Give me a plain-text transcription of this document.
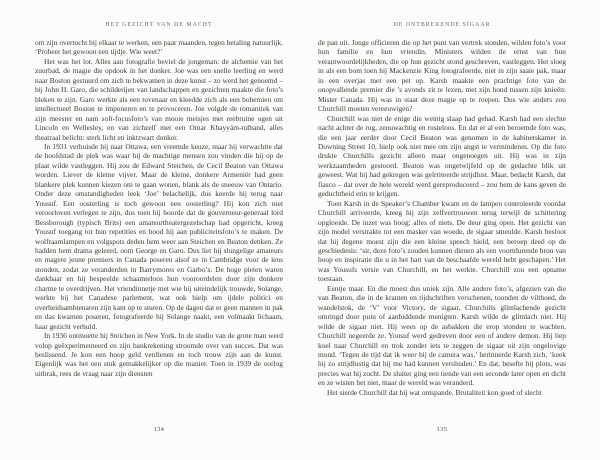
HET GEZICHT VAN DE MACHT

om zijn overtocht bij elkaar te werken, een paar maanden, tegen betaling natuurlijk. ‘Probeer het gewoon een tijdje. Wie weet?’

Het was het lot. Alles aan fotografie beviel de jongeman: de alchemie van het zuurbad, de magie die opdook in het donker. Joe was een snelle leerling en werd naar Boston gestuurd om zich te bekwamen in deze kunst – zo werd het genoemd – bij John H. Garo, die schilderijen van landschappen en gezichten maakte die foto’s bleken te zijn. Garo werkte als een tovenaar en kleedde zich als een bohemien om intellectueel Boston te imponeren en te provoceren. Joe volgde de romantiek van zijn meester en nam soft-focusfoto’s van mooie meisjes met reebruine ogen uit Lincoln en Wellesley, en van zichzelf met een Omar Khayyám-tulband, alles theatraal belicht: sterk licht en inktzwart donker.

In 1931 verhuisde hij naar Ottawa, een vreemde keuze, maar hij verwachtte dat de hoofdstad de plek was waar hij de machtige mensen zou vinden die hij op de plaat wilde vastleggen. Hij zou de Edward Steichen, de Cecil Beaton van Ottawa worden. Liever de kleine vijver. Maar de kleine, donkere Armeniër had geen blankere plek kunnen kiezen om te gaan wonen, blank als de sneeuw van Ontario. Onder deze omstandigheden leek ‘Joe’ belachelijk, dus keerde hij terug naar Yousuf. Een oosterling is toch gewoon een oosterling? Hij kon zich niet veroorloven verlegen te zijn, dus toen hij hoorde dat de gouverneur-generaal lord Bessborough (typisch Brits) een amateurtheatergezelschap had opgericht, kreeg Yousuf toegang tot hun repetities en bood hij aan publiciteitsfoto’s te maken. De wolfraamlampen en volgspots deden hem weer aan Steichen en Beaton denken. Ze hadden hem drama geleerd, oom George en Garo. Dus liet hij slungelige amateurs en magere jeune premiers in Canada poseren alsof ze in Cambridge voor de lens stonden, zodat ze veranderden in Barrymores en Garbo’s. De hoge pieten waren dankbaar en hij bespeelde schaamteloos hun vooroordelen door zijn donkere charme te overdrijven. Het vriendinnetje met wie hij uiteindelijk trouwde, Solange, werkte bij het Canadese parlement, wat ook hielp om ijdele politici en overheidsambtenaren zijn kant op te sturen. Op de dagen dat er geen mannen in pak en das kwamen poseren, fotografeerde hij Solange naakt, een volmaakt lichaam, haar gezicht verhuld.

In 1936 ontmoette hij Steichen in New York. In de studio van de grote man werd volop geëxperimenteerd en zijn bankrekening stroomde over van succes. Dat was beslissend. Je kon een hoop geld verdienen en toch trouw zijn aan de kunst. Eigenlijk was het een stuk gemakkelijker op die manier. Toen in 1939 de oorlog uitbrak, rees de vraag naar zijn diensten

134
DE ONTBREKENDE SIGAAR

de pan uit. Jonge officieren die op het punt van vertrek stonden, wilden foto’s voor hun familie en hun vriendin. Ministers wilden de ernst van hun verantwoordelijkheden, die op hun gezicht stond geschreven, vastleggen. Het sloeg in als een bom toen hij Mackenzie King fotografeerde, niet in zijn saaie pak, maar in een overjas met een pet op. Karsh maakte een prachtige foto van de onopvallende premier die ’s avonds zit te lezen, met zijn hond tussen zijn knieën: Mister Canada. Hij was in staat deze magie op te roepen. Dus wie anders zou Churchill moeten vereeuwigen?

Churchill was niet de enige die weinig slaap had gehad. Karsh had een slechte nacht achter de rug, zenuwachtig en rusteloos. En dat er al een beroemde foto was, die een jaar eerder door Cecil Beaton was genomen in de kabinetskamer in Downing Street 10, hielp ook niet mee om zijn angst te verminderen. Op die foto drukte Churchills gezicht alleen maar ongenoegen uit. Hij was in zijn werkzaamheden gestoord. Beaton was ongetwijfeld op de gedachte blik uit geweest. Wat hij had gekregen was geïrriteerde strijdlust. Maar, bedacht Karsh, dat fiasco – dat over de hele wereld werd gereproduceerd – zou hem de kans geven de geduchtheid erin te krijgen.

Toen Karsh in de Speaker’s Chamber kwam en de lampen controleerde voordat Churchill arriveerde, kreeg hij zijn zelfvertrouwen terug terwijl de schittering opgloeide. De inzet was hoog: alles of niets. De deur ging open. Het gezicht van zijn model verstrakte tot een masker van woede, de sigaar smeulde. Karsh besloot dat hij degene moest zijn die een kleine speech hield, een beroep deed op de geschiedenis: ‘sir, deze foto’s zouden kunnen dienen als een voortdurende bron van hoop en inspiratie die u in het hart van de beschaafde wereld hebt geschapen.’ Het was Yousufs versie van Churchill, en het werkte. Churchill zou een opname toestaan.

Eentje maar. En die moest dus uniek zijn. Alle andere foto’s, afgezien van die van Beaton, die in de kranten en tijdschriften verschenen, toonden de vilthoed, de wandelstok, de ‘V’ voor Victory, de sigaar, Churchills glimlachende gezicht omringd door puin of aanbiddende menigten. Karsh wilde de glimlach niet. Hij wilde de sigaar niet. Hij wees op de asbakken die erop stonden te wachten. Churchill negeerde ze. Yousuf werd gedreven door een of andere demon. Hij liep koel naar Churchill en trok zonder iets te zeggen de sigaar uit zijn ongelovige mond. ‘Tegen de tijd dat ik weer bij de camera was,’ herinnerde Karsh zich, ‘keek hij zo strijdlustig dat hij me had kunnen verslinden.’ En dat, besefte hij plots, was precies wat hij zocht. De sluiter ging een tiende van een seconde later open en dicht en ze wisten het niet, maar de wereld was veranderd.

Het sierde Churchill dat hij wat ontspande. Brutaliteit kon goed of slecht

135
